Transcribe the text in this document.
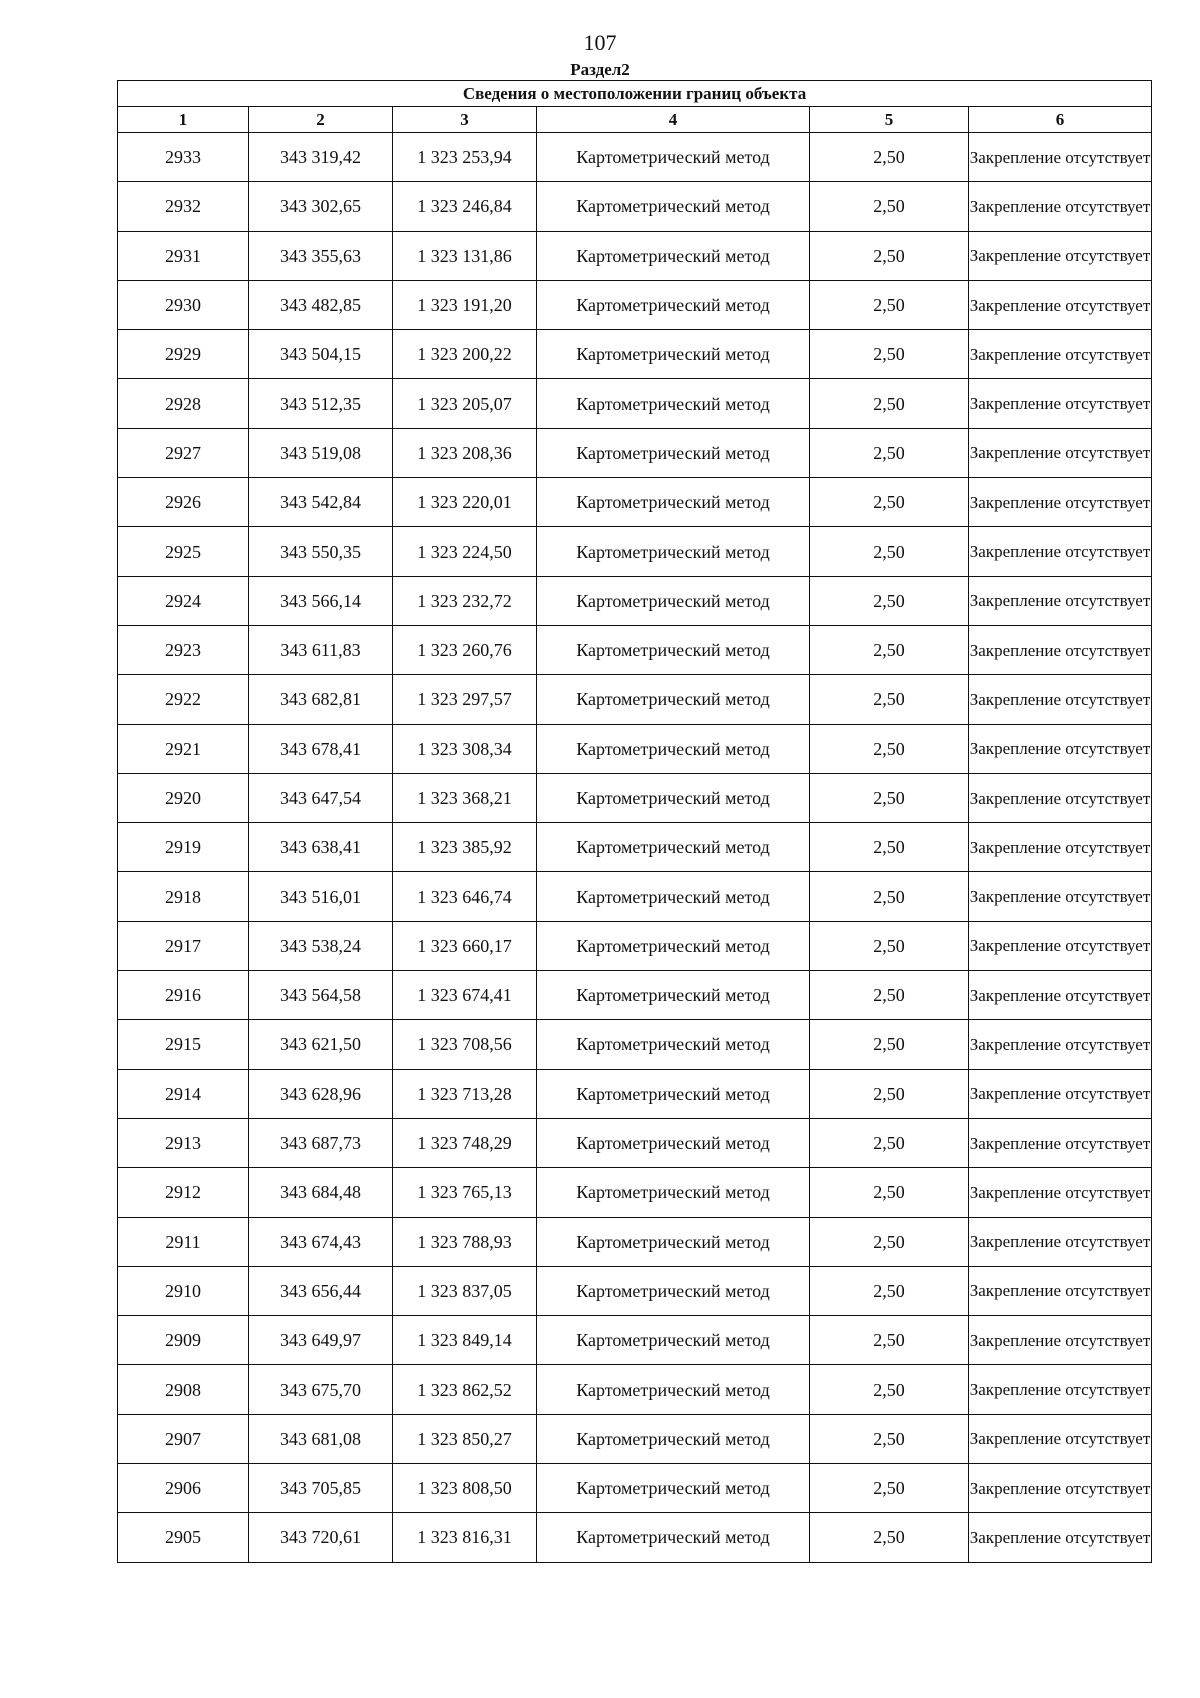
107
Раздел2
Сведения о местоположении границ объекта					
1	2	3	4	5	6
2933	343 319,42	1 323 253,94	Картометрический метод	2,50	Закрепление отсутствует
2932	343 302,65	1 323 246,84	Картометрический метод	2,50	Закрепление отсутствует
2931	343 355,63	1 323 131,86	Картометрический метод	2,50	Закрепление отсутствует
2930	343 482,85	1 323 191,20	Картометрический метод	2,50	Закрепление отсутствует
2929	343 504,15	1 323 200,22	Картометрический метод	2,50	Закрепление отсутствует
2928	343 512,35	1 323 205,07	Картометрический метод	2,50	Закрепление отсутствует
2927	343 519,08	1 323 208,36	Картометрический метод	2,50	Закрепление отсутствует
2926	343 542,84	1 323 220,01	Картометрический метод	2,50	Закрепление отсутствует
2925	343 550,35	1 323 224,50	Картометрический метод	2,50	Закрепление отсутствует
2924	343 566,14	1 323 232,72	Картометрический метод	2,50	Закрепление отсутствует
2923	343 611,83	1 323 260,76	Картометрический метод	2,50	Закрепление отсутствует
2922	343 682,81	1 323 297,57	Картометрический метод	2,50	Закрепление отсутствует
2921	343 678,41	1 323 308,34	Картометрический метод	2,50	Закрепление отсутствует
2920	343 647,54	1 323 368,21	Картометрический метод	2,50	Закрепление отсутствует
2919	343 638,41	1 323 385,92	Картометрический метод	2,50	Закрепление отсутствует
2918	343 516,01	1 323 646,74	Картометрический метод	2,50	Закрепление отсутствует
2917	343 538,24	1 323 660,17	Картометрический метод	2,50	Закрепление отсутствует
2916	343 564,58	1 323 674,41	Картометрический метод	2,50	Закрепление отсутствует
2915	343 621,50	1 323 708,56	Картометрический метод	2,50	Закрепление отсутствует
2914	343 628,96	1 323 713,28	Картометрический метод	2,50	Закрепление отсутствует
2913	343 687,73	1 323 748,29	Картометрический метод	2,50	Закрепление отсутствует
2912	343 684,48	1 323 765,13	Картометрический метод	2,50	Закрепление отсутствует
2911	343 674,43	1 323 788,93	Картометрический метод	2,50	Закрепление отсутствует
2910	343 656,44	1 323 837,05	Картометрический метод	2,50	Закрепление отсутствует
2909	343 649,97	1 323 849,14	Картометрический метод	2,50	Закрепление отсутствует
2908	343 675,70	1 323 862,52	Картометрический метод	2,50	Закрепление отсутствует
2907	343 681,08	1 323 850,27	Картометрический метод	2,50	Закрепление отсутствует
2906	343 705,85	1 323 808,50	Картометрический метод	2,50	Закрепление отсутствует
2905	343 720,61	1 323 816,31	Картометрический метод	2,50	Закрепление отсутствует
